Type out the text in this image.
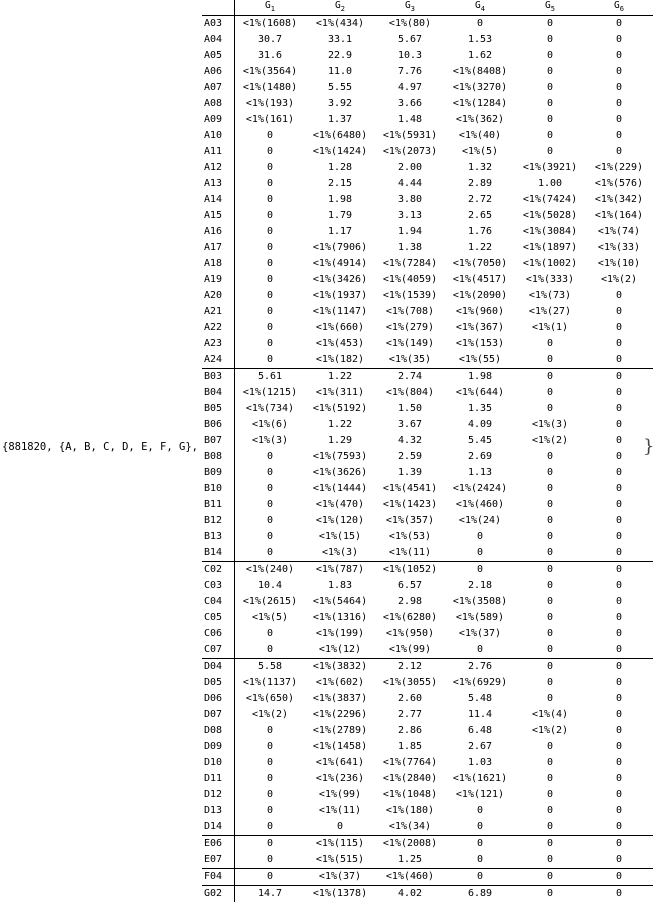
{881820, {A, B, C, D, E, F, G},
	$G_1$	$G_2$	$G_3$	$G_4$	$G_5$	$G_6$
A03	<1%(1608)	<1%(434)	<1%(80)	0	0	0
A04	30.7	33.1	5.67	1.53	0	0
A05	31.6	22.9	10.3	1.62	0	0
A06	<1%(3564)	11.0	7.76	<1%(8408)	0	0
A07	<1%(1480)	5.55	4.97	<1%(3270)	0	0
A08	<1%(193)	3.92	3.66	<1%(1284)	0	0
A09	<1%(161)	1.37	1.48	<1%(362)	0	0
A10	0	<1%(6480)	<1%(5931)	<1%(40)	0	0
A11	0	<1%(1424)	<1%(2073)	<1%(5)	0	0
A12	0	1.28	2.00	1.32	<1%(3921)	<1%(229)
A13	0	2.15	4.44	2.89	1.00	<1%(576)
A14	0	1.98	3.80	2.72	<1%(7424)	<1%(342)
A15	0	1.79	3.13	2.65	<1%(5028)	<1%(164)
A16	0	1.17	1.94	1.76	<1%(3084)	<1%(74)
A17	0	<1%(7906)	1.38	1.22	<1%(1897)	<1%(33)
A18	0	<1%(4914)	<1%(7284)	<1%(7050)	<1%(1002)	<1%(10)
A19	0	<1%(3426)	<1%(4059)	<1%(4517)	<1%(333)	<1%(2)
A20	0	<1%(1937)	<1%(1539)	<1%(2090)	<1%(73)	0
A21	0	<1%(1147)	<1%(708)	<1%(960)	<1%(27)	0
A22	0	<1%(660)	<1%(279)	<1%(367)	<1%(1)	0
A23	0	<1%(453)	<1%(149)	<1%(153)	0	0
A24	0	<1%(182)	<1%(35)	<1%(55)	0	0
B03	5.61	1.22	2.74	1.98	0	0
B04	<1%(1215)	<1%(311)	<1%(804)	<1%(644)	0	0
B05	<1%(734)	<1%(5192)	1.50	1.35	0	0
B06	<1%(6)	1.22	3.67	4.09	<1%(3)	0
B07	<1%(3)	1.29	4.32	5.45	<1%(2)	0
B08	0	<1%(7593)	2.59	2.69	0	0
B09	0	<1%(3626)	1.39	1.13	0	0
B10	0	<1%(1444)	<1%(4541)	<1%(2424)	0	0
B11	0	<1%(470)	<1%(1423)	<1%(460)	0	0
B12	0	<1%(120)	<1%(357)	<1%(24)	0	0
B13	0	<1%(15)	<1%(53)	0	0	0
B14	0	<1%(3)	<1%(11)	0	0	0
C02	<1%(240)	<1%(787)	<1%(1052)	0	0	0
C03	10.4	1.83	6.57	2.18	0	0
C04	<1%(2615)	<1%(5464)	2.98	<1%(3508)	0	0
C05	<1%(5)	<1%(1316)	<1%(6280)	<1%(589)	0	0
C06	0	<1%(199)	<1%(950)	<1%(37)	0	0
C07	0	<1%(12)	<1%(99)	0	0	0
D04	5.58	<1%(3832)	2.12	2.76	0	0
D05	<1%(1137)	<1%(602)	<1%(3055)	<1%(6929)	0	0
D06	<1%(650)	<1%(3837)	2.60	5.48	0	0
D07	<1%(2)	<1%(2296)	2.77	11.4	<1%(4)	0
D08	0	<1%(2789)	2.86	6.48	<1%(2)	0
D09	0	<1%(1458)	1.85	2.67	0	0
D10	0	<1%(641)	<1%(7764)	1.03	0	0
D11	0	<1%(236)	<1%(2840)	<1%(1621)	0	0
D12	0	<1%(99)	<1%(1048)	<1%(121)	0	0
D13	0	<1%(11)	<1%(180)	0	0	0
D14	0	0	<1%(34)	0	0	0
E06	0	<1%(115)	<1%(2008)	0	0	0
E07	0	<1%(515)	1.25	0	0	0
F04	0	<1%(37)	<1%(460)	0	0	0
G02	14.7	<1%(1378)	4.02	6.89	0	0
}
